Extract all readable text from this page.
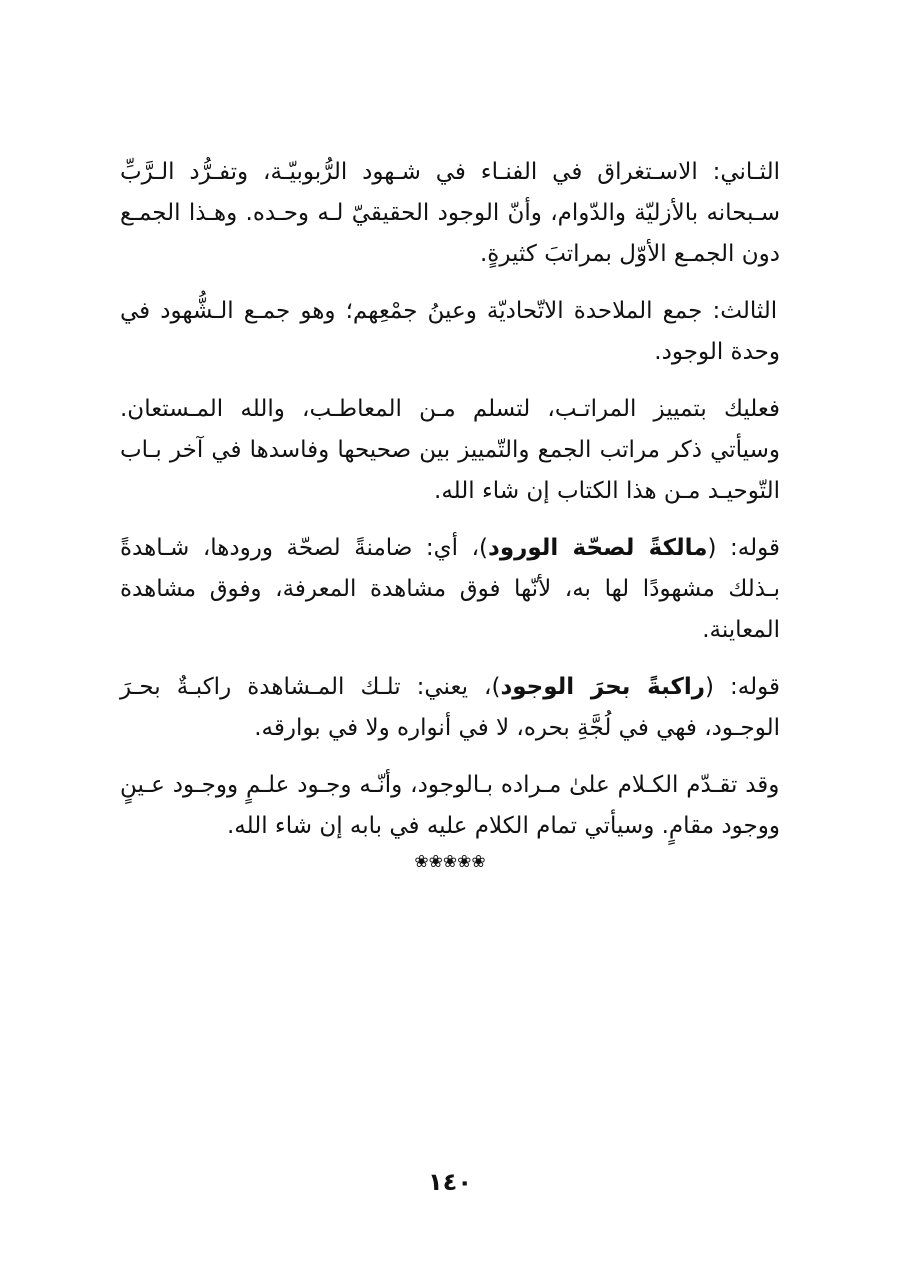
الثـاني: الاسـتغراق في الفنـاء في شـهود الرُّبوبيّـة، وتفـرُّد الـرَّبِّ سـبحانه بالأزليّة والدّوام، وأنّ الوجود الحقيقيّ لـه وحـده. وهـذا الجمـع دون الجمـع الأوّل بمراتبَ كثيرةٍ.

الثالث: جمع الملاحدة الاتّحاديّة وعينُ جمْعِهم؛ وهو جمـع الـشُّهود في وحدة الوجود.

فعليك بتمييز المراتـب، لتسلم مـن المعاطـب، والله المـستعان. وسيأتي ذكر مراتب الجمع والتّمييز بين صحيحها وفاسدها في آخر بـاب التّوحيـد مـن هذا الكتاب إن شاء الله.

قوله: (مالكةً لصحّة الورود)، أي: ضامنةً لصحّة ورودها، شـاهدةً بـذلك مشهودًا لها به، لأنّها فوق مشاهدة المعرفة، وفوق مشاهدة المعاينة.

قوله: (راكبةً بحرَ الوجود)، يعني: تلـك المـشاهدة راكبـةٌ بحـرَ الوجـود، فهي في لُجَّةِ بحره، لا في أنواره ولا في بوارقه.

وقد تقـدّم الكـلام علىٰ مـراده بـالوجود، وأنّـه وجـود علـمٍ ووجـود عـينٍ ووجود مقامٍ. وسيأتي تمام الكلام عليه في بابه إن شاء الله.

❀❀❀❀❀
١٤٠
